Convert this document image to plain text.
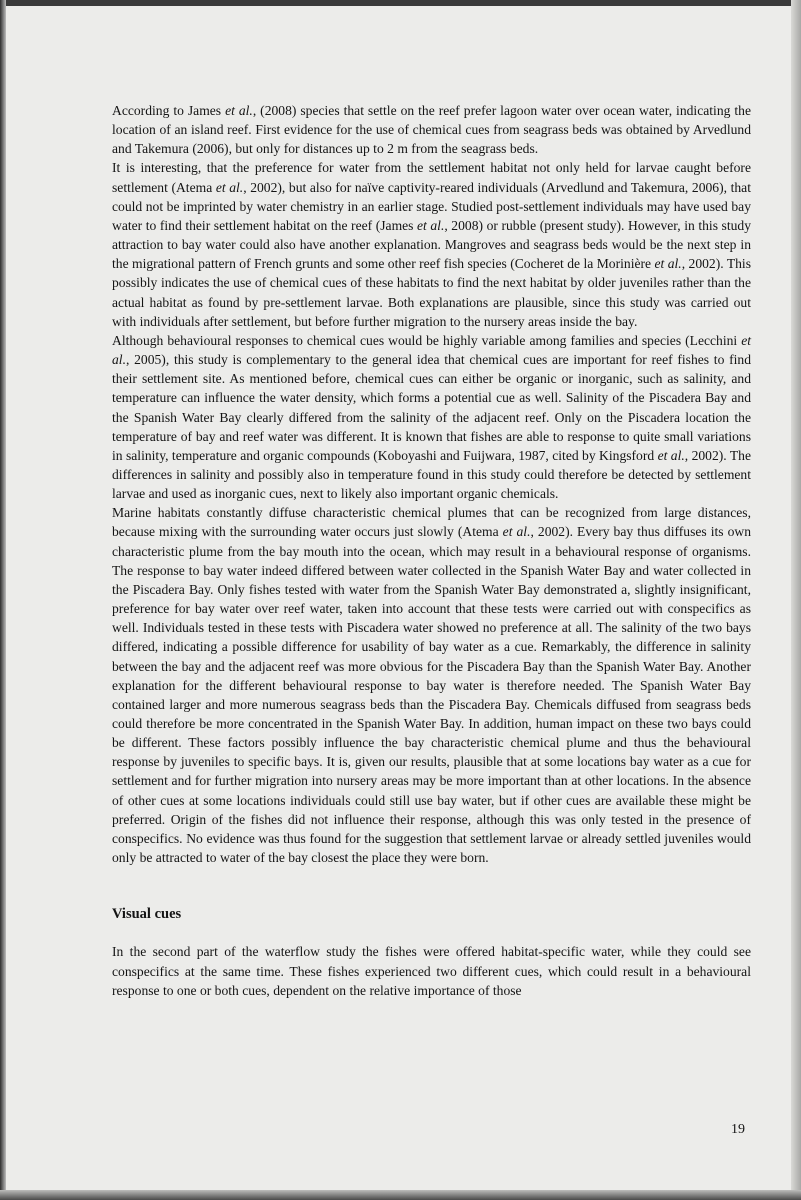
According to James et al., (2008) species that settle on the reef prefer lagoon water over ocean water, indicating the location of an island reef. First evidence for the use of chemical cues from seagrass beds was obtained by Arvedlund and Takemura (2006), but only for distances up to 2 m from the seagrass beds.

It is interesting, that the preference for water from the settlement habitat not only held for larvae caught before settlement (Atema et al., 2002), but also for naïve captivity-reared individuals (Arvedlund and Takemura, 2006), that could not be imprinted by water chemistry in an earlier stage. Studied post-settlement individuals may have used bay water to find their settlement habitat on the reef (James et al., 2008) or rubble (present study). However, in this study attraction to bay water could also have another explanation. Mangroves and seagrass beds would be the next step in the migrational pattern of French grunts and some other reef fish species (Cocheret de la Morinière et al., 2002). This possibly indicates the use of chemical cues of these habitats to find the next habitat by older juveniles rather than the actual habitat as found by pre-settlement larvae. Both explanations are plausible, since this study was carried out with individuals after settlement, but before further migration to the nursery areas inside the bay.

Although behavioural responses to chemical cues would be highly variable among families and species (Lecchini et al., 2005), this study is complementary to the general idea that chemical cues are important for reef fishes to find their settlement site. As mentioned before, chemical cues can either be organic or inorganic, such as salinity, and temperature can influence the water density, which forms a potential cue as well. Salinity of the Piscadera Bay and the Spanish Water Bay clearly differed from the salinity of the adjacent reef. Only on the Piscadera location the temperature of bay and reef water was different. It is known that fishes are able to response to quite small variations in salinity, temperature and organic compounds (Koboyashi and Fuijwara, 1987, cited by Kingsford et al., 2002). The differences in salinity and possibly also in temperature found in this study could therefore be detected by settlement larvae and used as inorganic cues, next to likely also important organic chemicals.

Marine habitats constantly diffuse characteristic chemical plumes that can be recognized from large distances, because mixing with the surrounding water occurs just slowly (Atema et al., 2002). Every bay thus diffuses its own characteristic plume from the bay mouth into the ocean, which may result in a behavioural response of organisms. The response to bay water indeed differed between water collected in the Spanish Water Bay and water collected in the Piscadera Bay. Only fishes tested with water from the Spanish Water Bay demonstrated a, slightly insignificant, preference for bay water over reef water, taken into account that these tests were carried out with conspecifics as well. Individuals tested in these tests with Piscadera water showed no preference at all. The salinity of the two bays differed, indicating a possible difference for usability of bay water as a cue. Remarkably, the difference in salinity between the bay and the adjacent reef was more obvious for the Piscadera Bay than the Spanish Water Bay. Another explanation for the different behavioural response to bay water is therefore needed. The Spanish Water Bay contained larger and more numerous seagrass beds than the Piscadera Bay. Chemicals diffused from seagrass beds could therefore be more concentrated in the Spanish Water Bay. In addition, human impact on these two bays could be different. These factors possibly influence the bay characteristic chemical plume and thus the behavioural response by juveniles to specific bays. It is, given our results, plausible that at some locations bay water as a cue for settlement and for further migration into nursery areas may be more important than at other locations. In the absence of other cues at some locations individuals could still use bay water, but if other cues are available these might be preferred. Origin of the fishes did not influence their response, although this was only tested in the presence of conspecifics. No evidence was thus found for the suggestion that settlement larvae or already settled juveniles would only be attracted to water of the bay closest the place they were born.

Visual cues

In the second part of the waterflow study the fishes were offered habitat-specific water, while they could see conspecifics at the same time. These fishes experienced two different cues, which could result in a behavioural response to one or both cues, dependent on the relative importance of those

19
